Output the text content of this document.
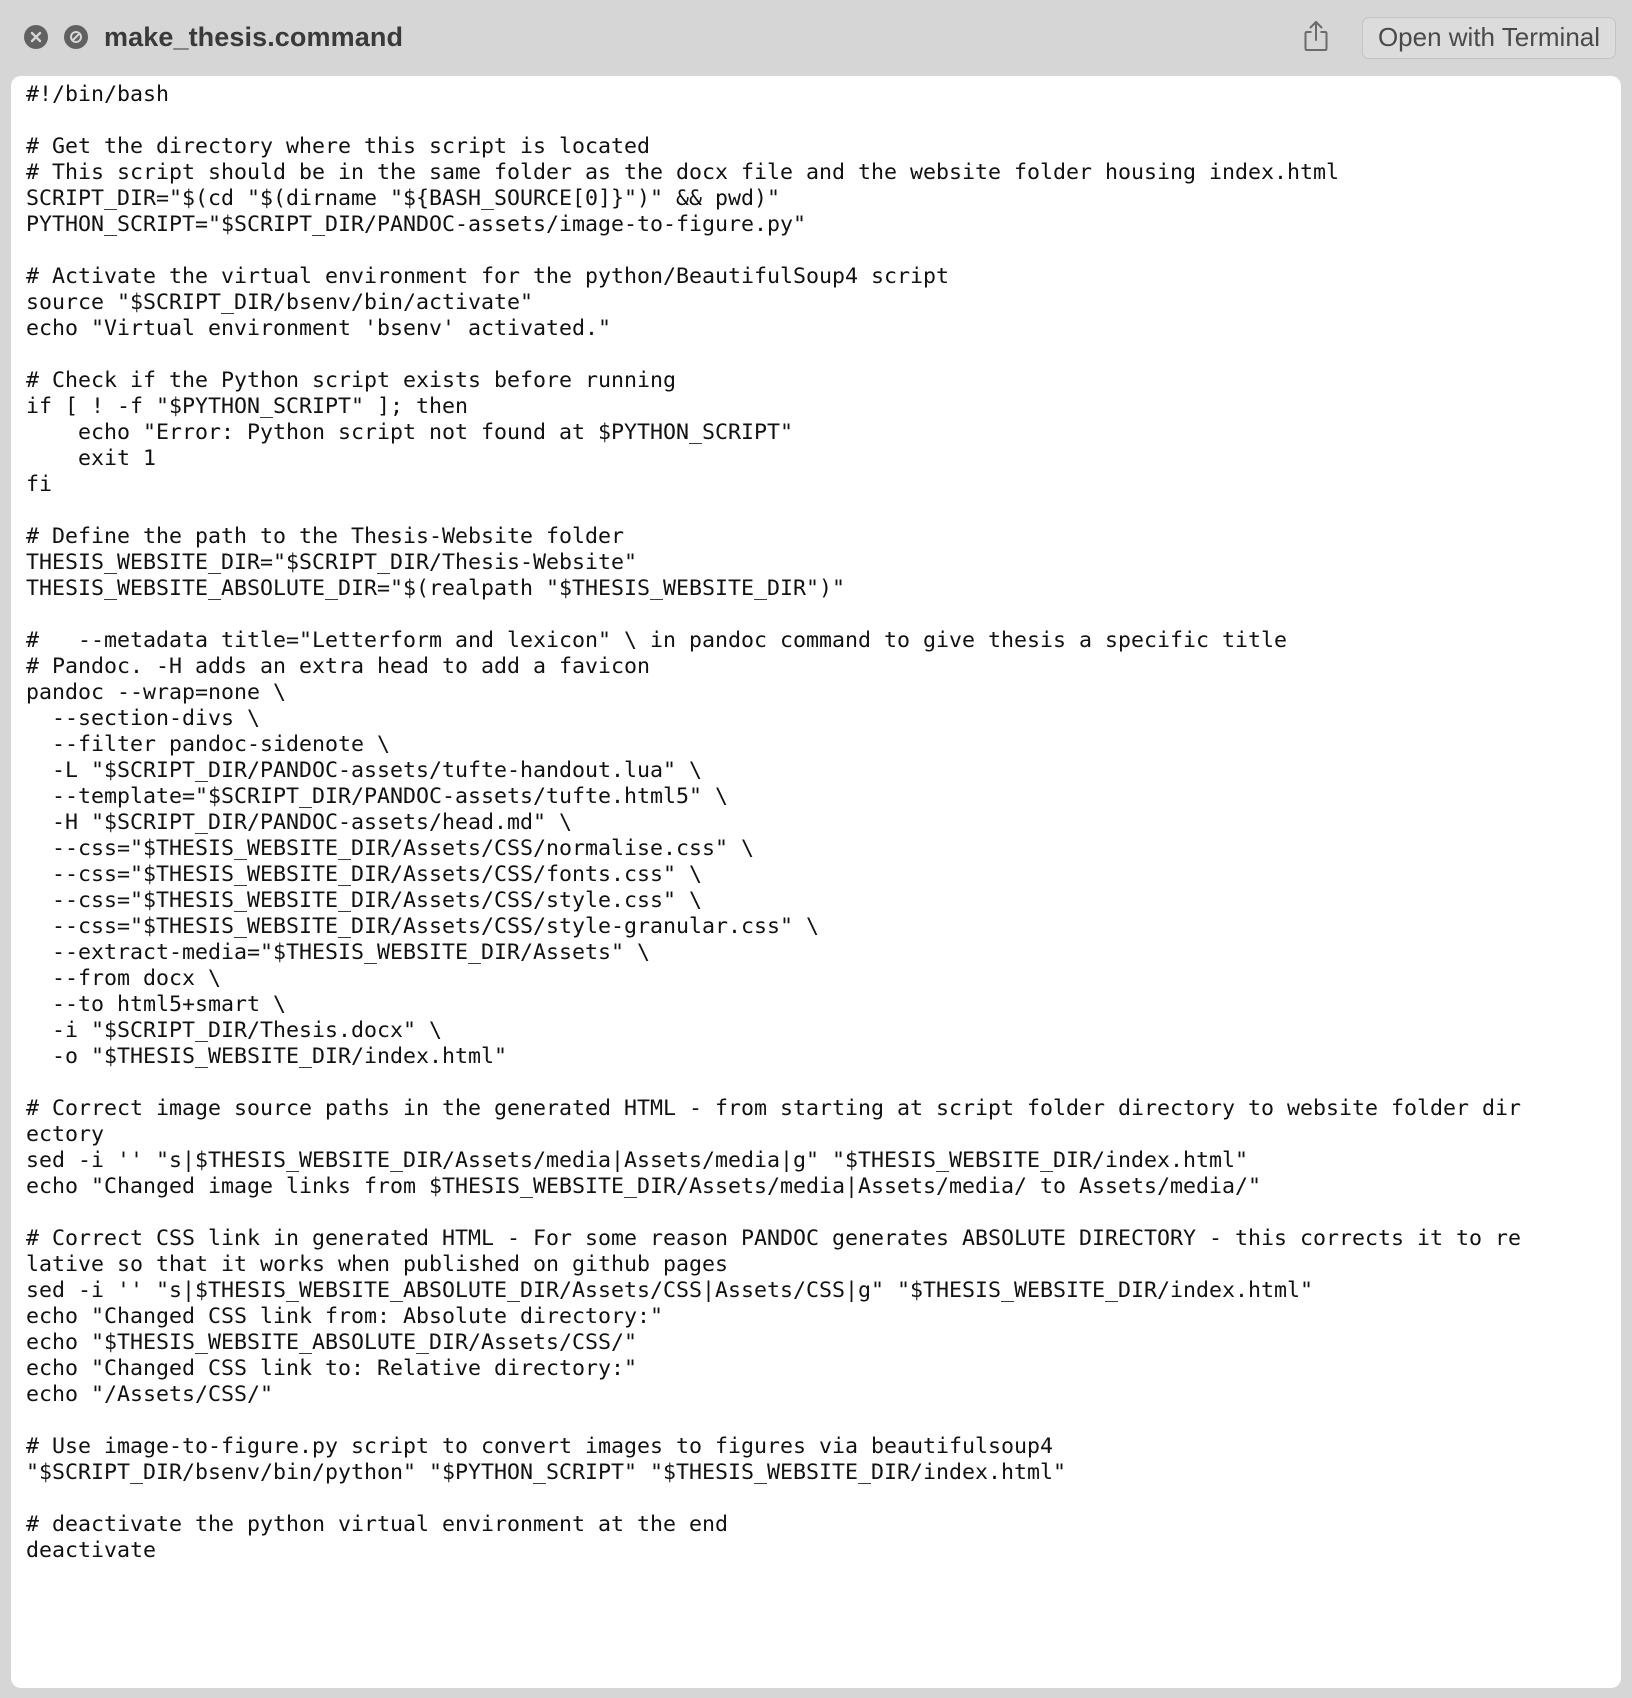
make_thesis.command	Open with Terminal
#!/bin/bash
# Get the directory where this script is located
# This script should be in the same folder as the docx file and the website folder housing index.html
SCRIPT_DIR="$(cd "$(dirname "${BASH_SOURCE[0]}")" && pwd)"
PYTHON_SCRIPT="$SCRIPT_DIR/PANDOC-assets/image-to-figure.py"
# Activate the virtual environment for the python/BeautifulSoup4 script
source "$SCRIPT_DIR/bsenv/bin/activate"
echo "Virtual environment 'bsenv' activated."
# Check if the Python script exists before running
if [ ! -f "$PYTHON_SCRIPT" ]; then
echo "Error: Python script not found at $PYTHON_SCRIPT"
exit 1
fi
# Define the path to the Thesis-Website folder
THESIS_WEBSITE_DIR="$SCRIPT_DIR/Thesis-Website"
THESIS_WEBSITE_ABSOLUTE_DIR="$(realpath "$THESIS_WEBSITE_DIR")"
#   --metadata title="Letterform and lexicon" \ in pandoc command to give thesis a specific title
# Pandoc. -H adds an extra head to add a favicon
pandoc --wrap=none \
--section-divs \
--filter pandoc-sidenote \
-L "$SCRIPT_DIR/PANDOC-assets/tufte-handout.lua" \
--template="$SCRIPT_DIR/PANDOC-assets/tufte.html5" \
-H "$SCRIPT_DIR/PANDOC-assets/head.md" \
--css="$THESIS_WEBSITE_DIR/Assets/CSS/normalise.css" \
--css="$THESIS_WEBSITE_DIR/Assets/CSS/fonts.css" \
--css="$THESIS_WEBSITE_DIR/Assets/CSS/style.css" \
--css="$THESIS_WEBSITE_DIR/Assets/CSS/style-granular.css" \
--extract-media="$THESIS_WEBSITE_DIR/Assets" \
--from docx \
--to html5+smart \
-i "$SCRIPT_DIR/Thesis.docx" \
-o "$THESIS_WEBSITE_DIR/index.html"
# Correct image source paths in the generated HTML - from starting at script folder directory to website folder directory
sed -i '' "s|$THESIS_WEBSITE_DIR/Assets/media|Assets/media|g" "$THESIS_WEBSITE_DIR/index.html"
echo "Changed image links from $THESIS_WEBSITE_DIR/Assets/media|Assets/media/ to Assets/media/"
# Correct CSS link in generated HTML - For some reason PANDOC generates ABSOLUTE DIRECTORY - this corrects it to relative so that it works when published on github pages
sed -i '' "s|$THESIS_WEBSITE_ABSOLUTE_DIR/Assets/CSS|Assets/CSS|g" "$THESIS_WEBSITE_DIR/index.html"
echo "Changed CSS link from: Absolute directory:"
echo "$THESIS_WEBSITE_ABSOLUTE_DIR/Assets/CSS/"
echo "Changed CSS link to: Relative directory:"
echo "/Assets/CSS/"
# Use image-to-figure.py script to convert images to figures via beautifulsoup4
"$SCRIPT_DIR/bsenv/bin/python" "$PYTHON_SCRIPT" "$THESIS_WEBSITE_DIR/index.html"
# deactivate the python virtual environment at the end
deactivate
